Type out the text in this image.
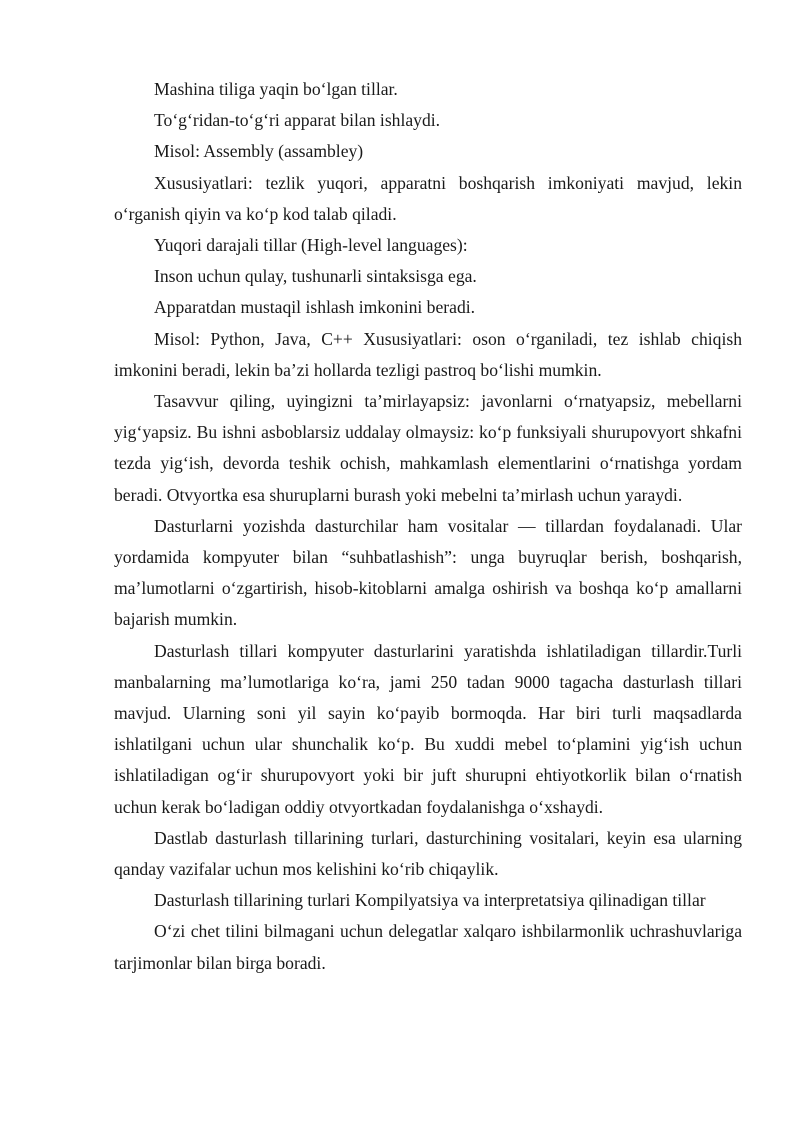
Mashina tiliga yaqin boʻlgan tillar.

Toʻgʻridan-toʻgʻri apparat bilan ishlaydi.

Misol: Assembly (assambley)

Xususiyatlari: tezlik yuqori, apparatni boshqarish imkoniyati mavjud, lekin oʻrganish qiyin va koʻp kod talab qiladi.

Yuqori darajali tillar (High-level languages):

Inson uchun qulay, tushunarli sintaksisga ega.

Apparatdan mustaqil ishlash imkonini beradi.

Misol: Python, Java, C++ Xususiyatlari: oson oʻrganiladi, tez ishlab chiqish imkonini beradi, lekin baʼzi hollarda tezligi pastroq boʻlishi mumkin.

Tasavvur qiling, uyingizni taʼmirlayapsiz: javonlarni oʻrnatyapsiz, mebellarni yigʻyapsiz. Bu ishni asboblarsiz uddalay olmaysiz: koʻp funksiyali shurupovyort shkafni tezda yigʻish, devorda teshik ochish, mahkamlash elementlarini oʻrnatishga yordam beradi. Otvyortka esa shuruplarni burash yoki mebelni taʼmirlash uchun yaraydi.

Dasturlarni yozishda dasturchilar ham vositalar — tillardan foydalanadi. Ular yordamida kompyuter bilan “suhbatlashish”: unga buyruqlar berish, boshqarish, maʼlumotlarni oʻzgartirish, hisob-kitoblarni amalga oshirish va boshqa koʻp amallarni bajarish mumkin.

Dasturlash tillari kompyuter dasturlarini yaratishda ishlatiladigan tillardir.Turli manbalarning maʼlumotlariga koʻra, jami 250 tadan 9000 tagacha dasturlash tillari mavjud. Ularning soni yil sayin koʻpayib bormoqda. Har biri turli maqsadlarda ishlatilgani uchun ular shunchalik koʻp. Bu xuddi mebel toʻplamini yigʻish uchun ishlatiladigan ogʻir shurupovyort yoki bir juft shurupni ehtiyotkorlik bilan oʻrnatish uchun kerak boʻladigan oddiy otvyortkadan foydalanishga oʻxshaydi.

Dastlab dasturlash tillarining turlari, dasturchining vositalari, keyin esa ularning qanday vazifalar uchun mos kelishini koʻrib chiqaylik.

Dasturlash tillarining turlari Kompilyatsiya va interpretatsiya qilinadigan tillar

Oʻzi chet tilini bilmagani uchun delegatlar xalqaro ishbilarmonlik uchrashuvlariga tarjimonlar bilan birga boradi.
